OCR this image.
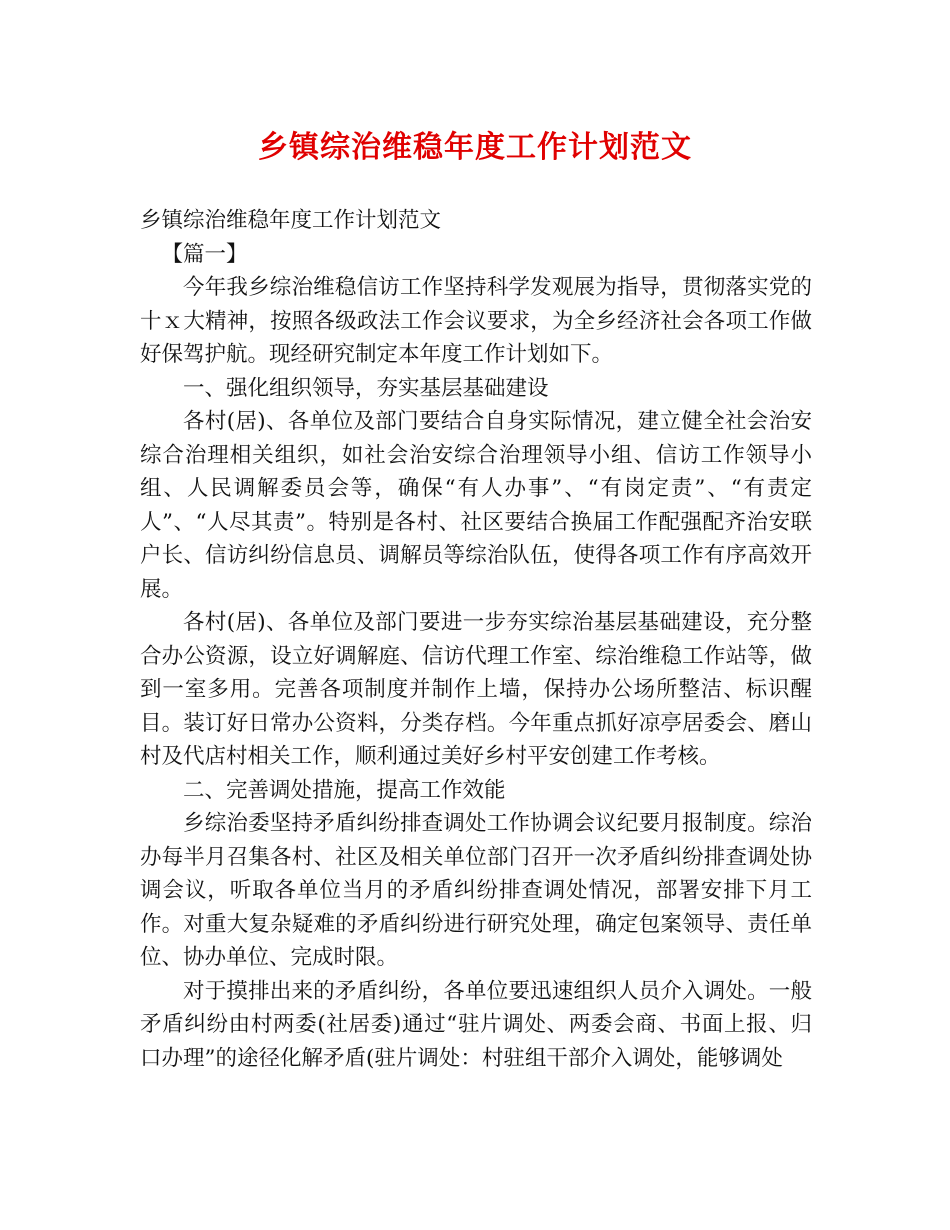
乡镇综治维稳年度工作计划范文

乡镇综治维稳年度工作计划范文

【篇一】

今年我乡综治维稳信访工作坚持科学发观展为指导，贯彻落实党的十ｘ大精神，按照各级政法工作会议要求，为全乡经济社会各项工作做好保驾护航。现经研究制定本年度工作计划如下。

一、强化组织领导，夯实基层基础建设

各村(居)、各单位及部门要结合自身实际情况，建立健全社会治安综合治理相关组织，如社会治安综合治理领导小组、信访工作领导小组、人民调解委员会等，确保“有人办事”、“有岗定责”、“有责定人”、“人尽其责”。特别是各村、社区要结合换届工作配强配齐治安联户长、信访纠纷信息员、调解员等综治队伍，使得各项工作有序高效开展。

各村(居)、各单位及部门要进一步夯实综治基层基础建设，充分整合办公资源，设立好调解庭、信访代理工作室、综治维稳工作站等，做到一室多用。完善各项制度并制作上墙，保持办公场所整洁、标识醒目。装订好日常办公资料，分类存档。今年重点抓好凉亭居委会、磨山村及代店村相关工作，顺利通过美好乡村平安创建工作考核。

二、完善调处措施，提高工作效能

乡综治委坚持矛盾纠纷排查调处工作协调会议纪要月报制度。综治办每半月召集各村、社区及相关单位部门召开一次矛盾纠纷排查调处协调会议，听取各单位当月的矛盾纠纷排查调处情况，部署安排下月工作。对重大复杂疑难的矛盾纠纷进行研究处理，确定包案领导、责任单位、协办单位、完成时限。

对于摸排出来的矛盾纠纷，各单位要迅速组织人员介入调处。一般矛盾纠纷由村两委(社居委)通过“驻片调处、两委会商、书面上报、归口办理”的途径化解矛盾(驻片调处：村驻组干部介入调处，能够调处
